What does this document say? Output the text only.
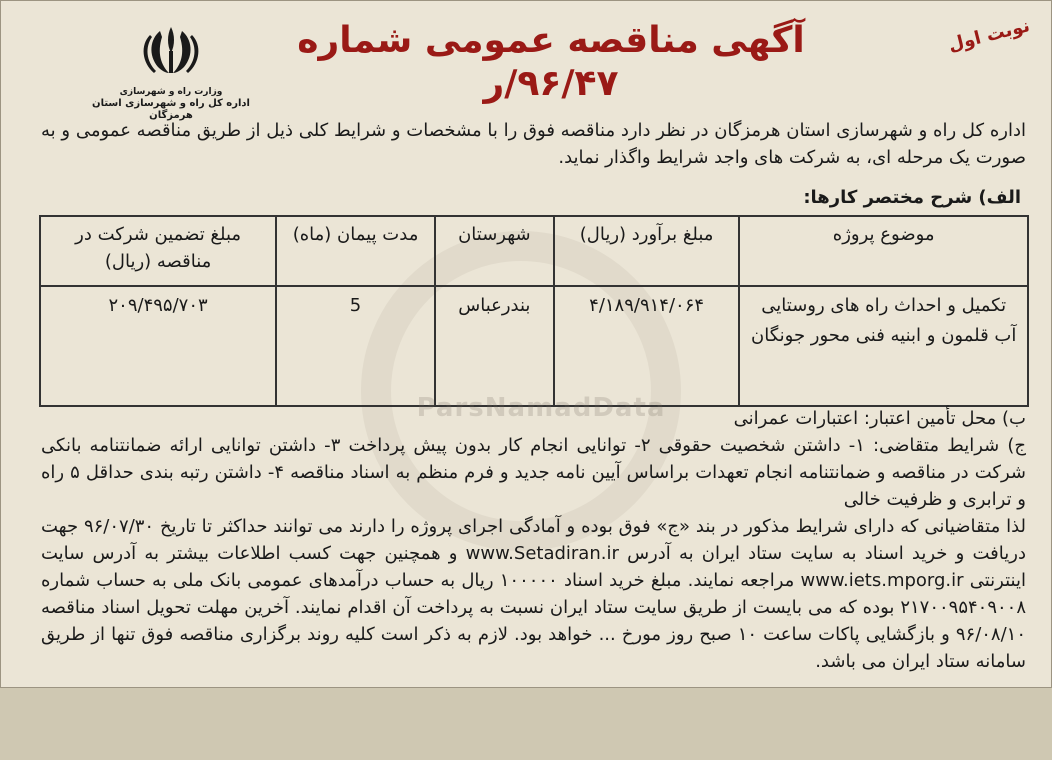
وزارت راه و شهرسازی
اداره کل راه و شهرسازی استان هرمزگان
آگهی مناقصه عمومی شماره ۹۶/۴۷/ر
نوبت اول
اداره کل راه و شهرسازی استان هرمزگان در نظر دارد مناقصه فوق را با مشخصات و شرایط کلی ذیل از طریق مناقصه عمومی و به صورت یک مرحله ای، به شرکت های واجد شرایط واگذار نماید.
الف) شرح مختصر کارها:
موضوع پروژه	مبلغ برآورد (ریال)	شهرستان	مدت پیمان (ماه)	مبلغ تضمین شرکت در مناقصه (ریال)
تکمیل و احداث راه های روستایی آب قلمون و ابنیه فنی محور جونگان	۴/۱۸۹/۹۱۴/۰۶۴	بندرعباس	5	۲۰۹/۴۹۵/۷۰۳
ParsNamadData	ب) محل تأمین اعتبار: اعتبارات عمرانی

ج) شرایط متقاضی: ۱- داشتن شخصیت حقوقی ۲- توانایی انجام کار بدون پیش پرداخت ۳- داشتن توانایی ارائه ضمانتنامه بانکی شرکت در مناقصه و ضمانتنامه انجام تعهدات براساس آیین نامه جدید و فرم منظم به اسناد مناقصه ۴- داشتن رتبه بندی حداقل ۵ راه و ترابری و ظرفیت خالی

لذا متقاضیانی که دارای شرایط مذکور در بند «ج» فوق بوده و آمادگی اجرای پروژه را دارند می توانند حداکثر تا تاریخ ۹۶/۰۷/۳۰ جهت دریافت و خرید اسناد به سایت ستاد ایران به آدرس www.Setadiran.ir و همچنین جهت کسب اطلاعات بیشتر به آدرس سایت اینترنتی www.iets.mporg.ir مراجعه نمایند. مبلغ خرید اسناد ۱۰۰۰۰۰ ریال به حساب درآمدهای عمومی بانک ملی به حساب شماره ۲۱۷۰۰۹۵۴۰۹۰۰۸ بوده که می بایست از طریق سایت ستاد ایران نسبت به پرداخت آن اقدام نمایند. آخرین مهلت تحویل اسناد مناقصه ۹۶/۰۸/۱۰ و بازگشایی پاکات ساعت ۱۰ صبح روز مورخ ... خواهد بود. لازم به ذکر است کلیه روند برگزاری مناقصه فوق تنها از طریق سامانه ستاد ایران می باشد.
